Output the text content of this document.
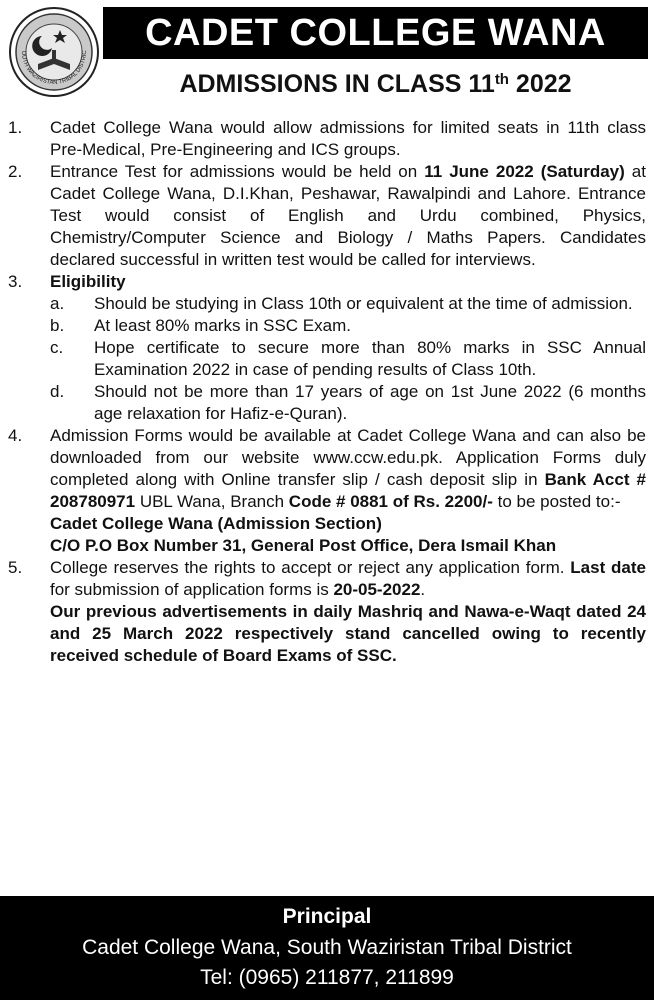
OUTH WAZIRISTAN TRIBAL DISTRIC	CADET COLLEGE WANA
ADMISSIONS IN CLASS 11th 2022
1.	Cadet College Wana would allow admissions for limited seats in 11th class Pre-Medical, Pre-Engineering and ICS groups.
2.	Entrance Test for admissions would be held on 11 June 2022 (Saturday) at Cadet College Wana, D.I.Khan, Peshawar, Rawalpindi and Lahore. Entrance Test would consist of English and Urdu combined, Physics, Chemistry/Computer Science and Biology / Maths Papers. Candidates declared successful in written test would be called for interviews.
3.	Eligibility
a.	Should be studying in Class 10th or equivalent at the time of admission.
b.	At least 80% marks in SSC Exam.
c.	Hope certificate to secure more than 80% marks in SSC Annual Examination 2022 in case of pending results of Class 10th.
d.	Should not be more than 17 years of age on 1st June 2022 (6 months age relaxation for Hafiz-e-Quran).
4.	Admission Forms would be available at Cadet College Wana and can also be downloaded from our website www.ccw.edu.pk. Application Forms duly completed along with Online transfer slip / cash deposit slip in Bank Acct # 208780971 UBL Wana, Branch Code # 0881 of Rs. 2200/- to be posted to:-
Cadet College Wana (Admission Section)
C/O P.O Box Number 31, General Post Office, Dera Ismail Khan
5.	College reserves the rights to accept or reject any application form. Last date for submission of application forms is 20-05-2022.
Our previous advertisements in daily Mashriq and Nawa-e-Waqt dated 24 and 25 March 2022 respectively stand cancelled owing to recently received schedule of Board Exams of SSC.
Principal
Cadet College Wana, South Waziristan Tribal District
Tel: (0965) 211877, 211899
